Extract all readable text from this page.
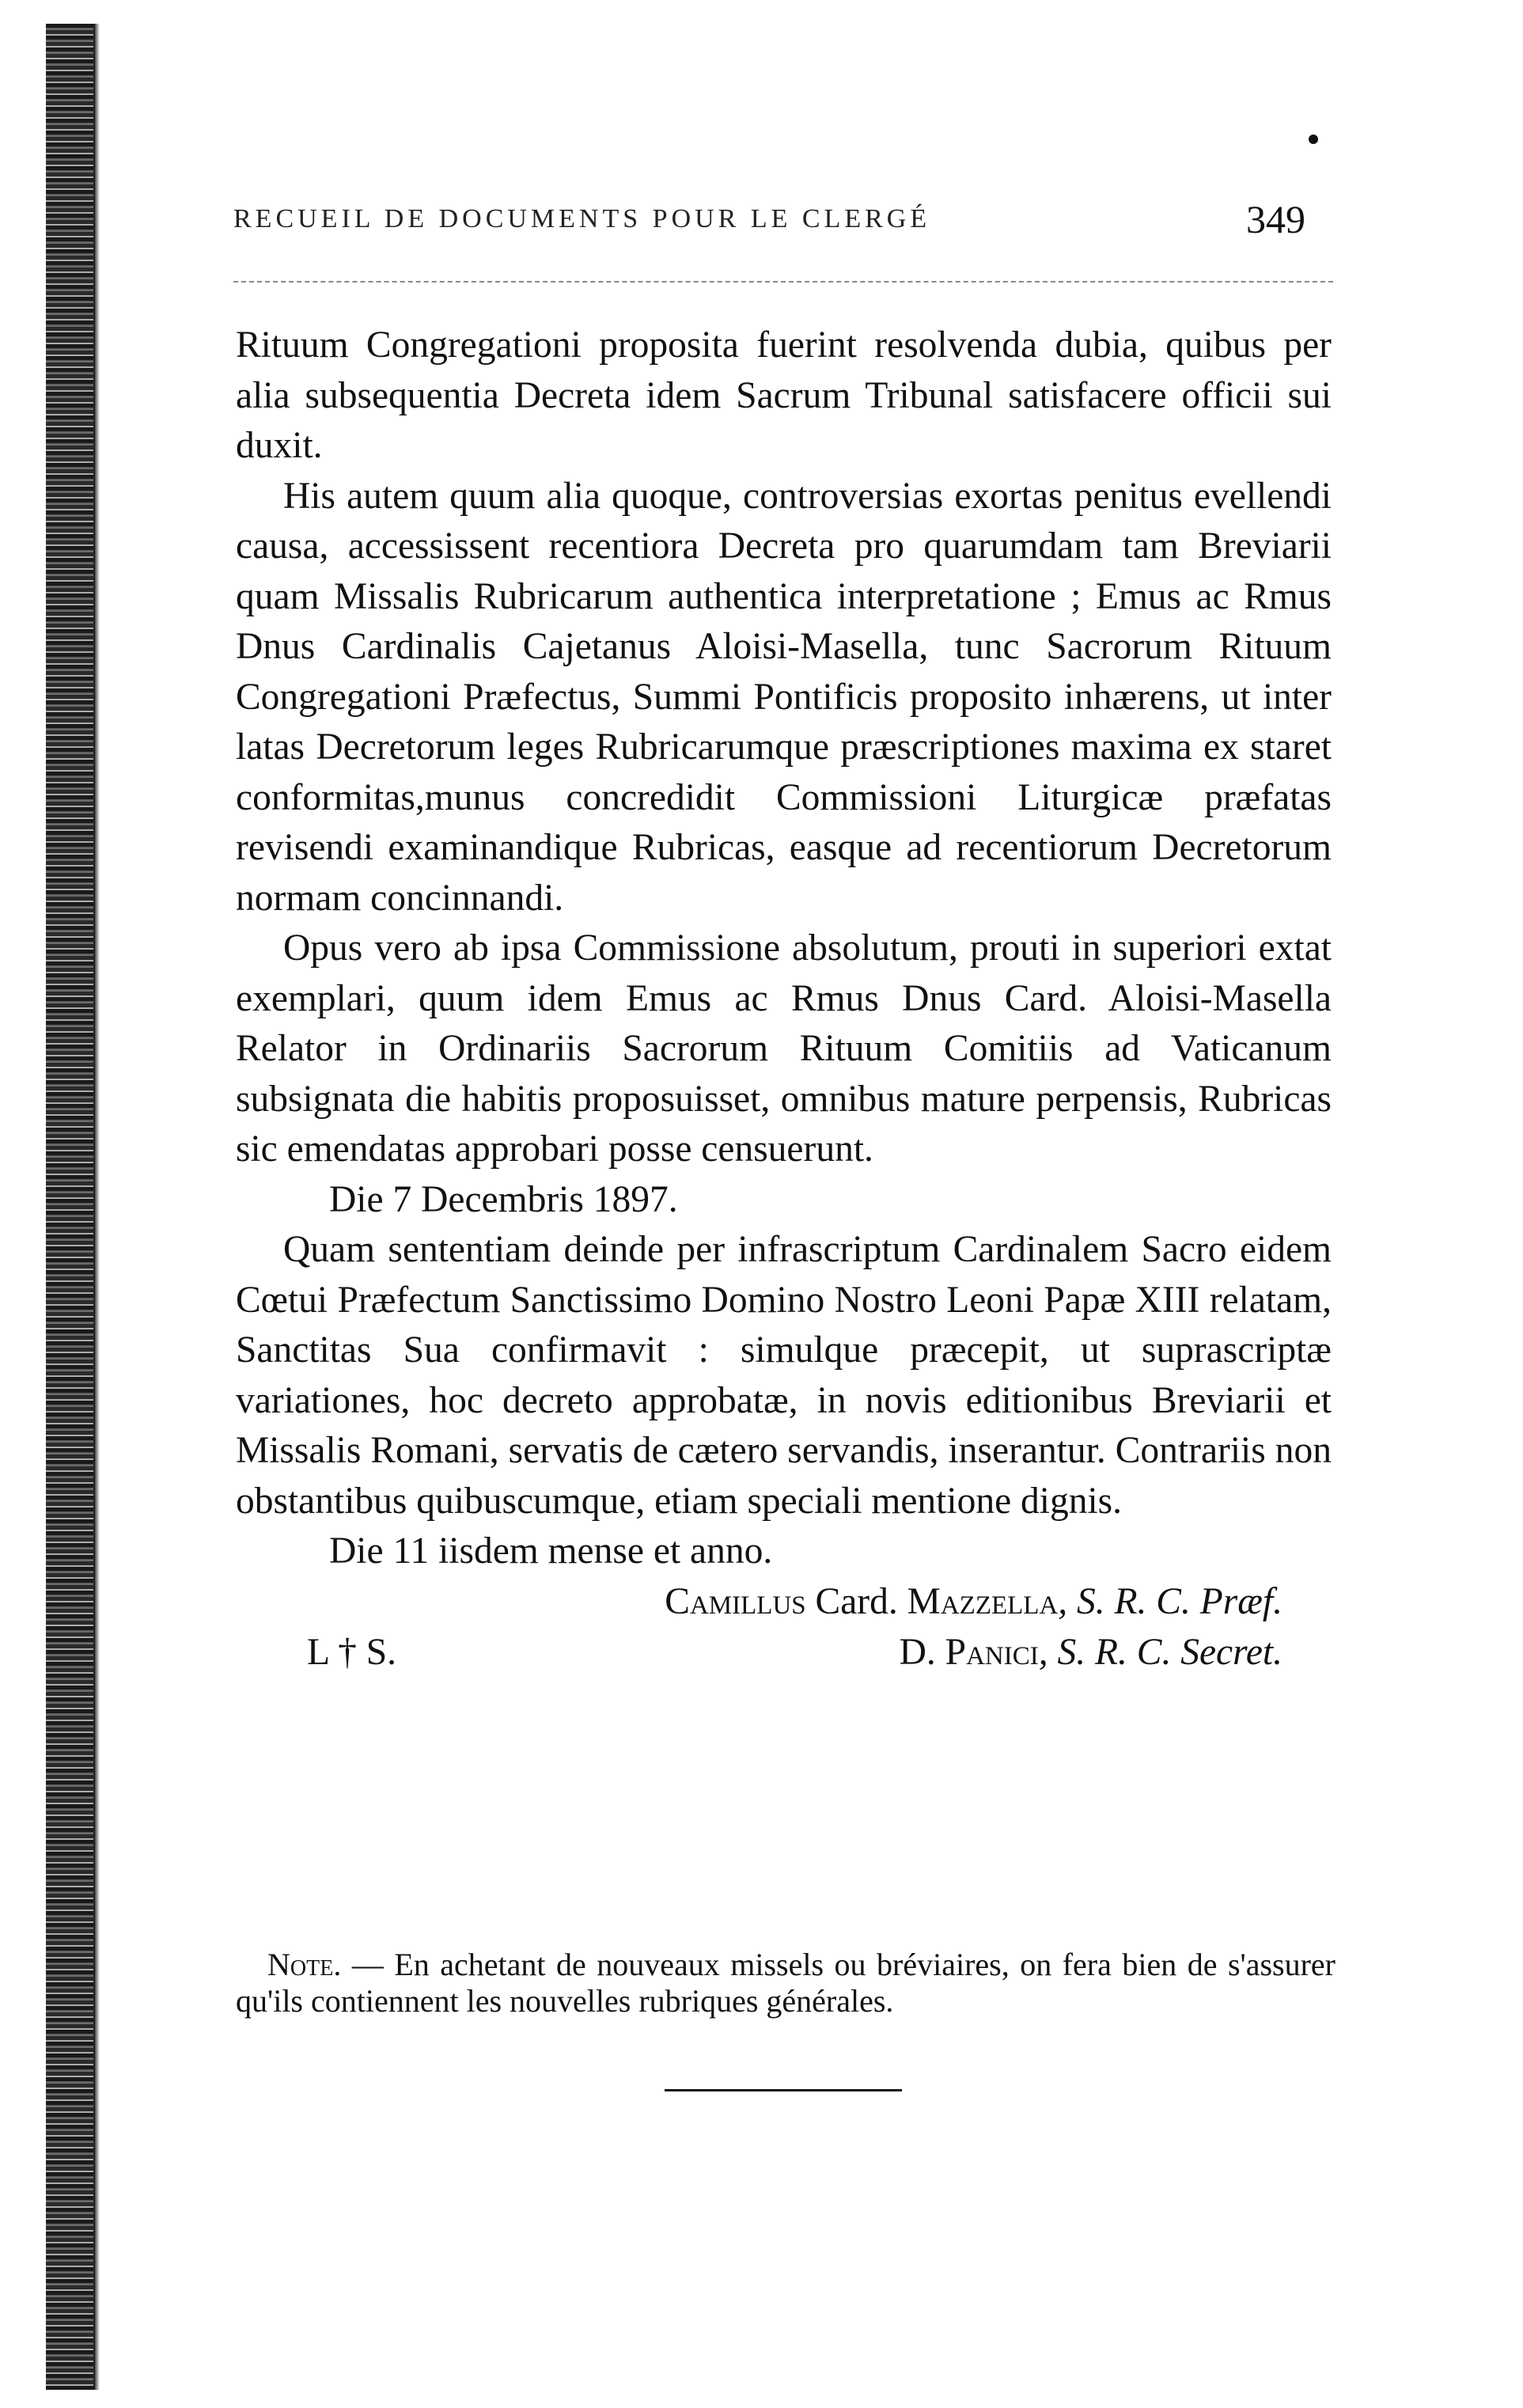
RECUEIL DE DOCUMENTS POUR LE CLERGÉ	349

Rituum Congregationi proposita fuerint resolvenda dubia, quibus per alia subsequentia Decreta idem Sacrum Tribunal satisfacere officii sui duxit.

His autem quum alia quoque, controversias exortas penitus evellendi causa, accessissent recentiora Decreta pro quarumdam tam Breviarii quam Missalis Rubricarum authentica interpretatione ; Emus ac Rmus Dnus Cardinalis Cajetanus Aloisi-Masella, tunc Sacrorum Rituum Congregationi Præfectus, Summi Pontificis proposito inhærens, ut inter latas Decretorum leges Rubricarumque præscriptiones maxima ex staret conformitas,munus concredidit Commissioni Liturgicæ præfatas revisendi examinandique Rubricas, easque ad recentiorum Decretorum normam concinnandi.

Opus vero ab ipsa Commissione absolutum, prouti in superiori extat exemplari, quum idem Emus ac Rmus Dnus Card. Aloisi-Masella Relator in Ordinariis Sacrorum Rituum Comitiis ad Vaticanum subsignata die habitis proposuisset, omnibus mature perpensis, Rubricas sic emendatas approbari posse censuerunt.

Die 7 Decembris 1897.

Quam sententiam deinde per infrascriptum Cardinalem Sacro eidem Cœtui Præfectum Sanctissimo Domino Nostro Leoni Papæ XIII relatam, Sanctitas Sua confirmavit : simulque præcepit, ut suprascriptæ variationes, hoc decreto approbatæ, in novis editionibus Breviarii et Missalis Romani, servatis de cætero servandis, inserantur. Contrariis non obstantibus quibuscumque, etiam speciali mentione dignis.

Die 11 iisdem mense et anno.

Camillus Card. Mazzella, S. R. C. Præf.
L † S.	D. Panici, S. R. C. Secret.

Note. — En achetant de nouveaux missels ou bréviaires, on fera bien de s'assurer qu'ils contiennent les nouvelles rubriques générales.
